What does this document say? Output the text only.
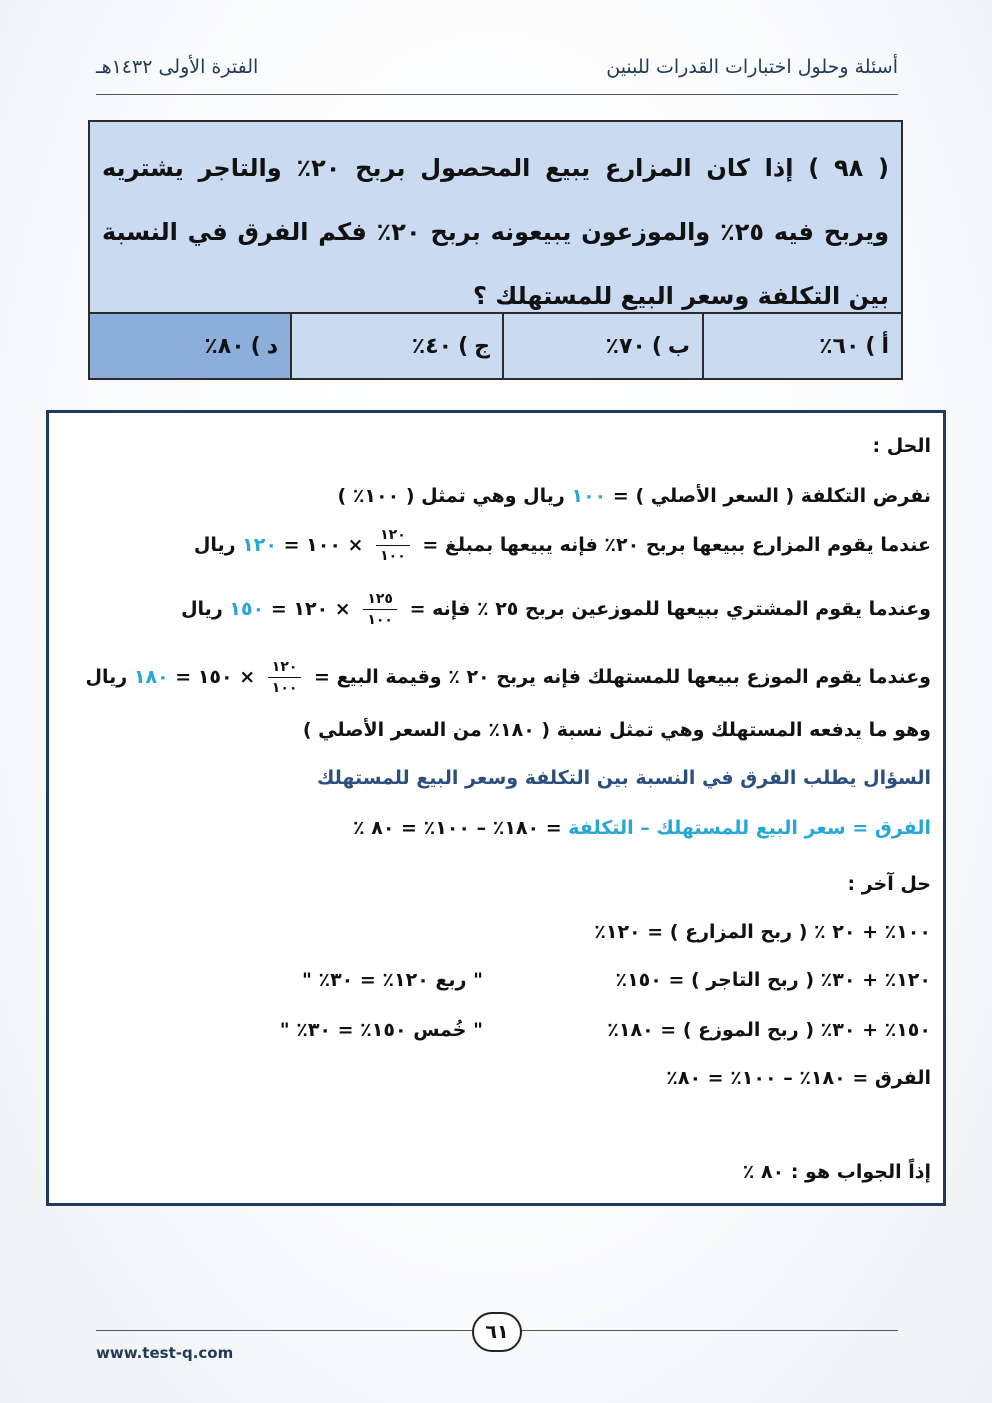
أسئلة وحلول اختبارات القدرات للبنين
الفترة الأولى ١٤٣٢هـ
( ٩٨ ) إذا كان المزارع يبيع المحصول بربح ٢٠٪ والتاجر يشتريه ويربح فيه ٢٥٪ والموزعون يبيعونه بربح ٢٠٪ فكم الفرق في النسبة بين التكلفة وسعر البيع للمستهلك ؟
أ
)
٦٠٪
ب
)
٧٠٪
ج
)
٤٠٪
د
)
٨٠٪
الحل :
نفرض التكلفة ( السعر الأصلي ) = ١٠٠ ريال وهي تمثل ( ١٠٠٪ )
عندما يقوم المزارع ببيعها بربح ٢٠٪ فإنه يبيعها بمبلغ =
$\frac{١٢٠}{١٠٠}$
× ١٠٠ = ١٢٠ ريال
وعندما يقوم المشتري ببيعها للموزعين بربح ٢٥ ٪ فإنه =
$\frac{١٢٥}{١٠٠}$
× ١٢٠ = ١٥٠ ريال
وعندما يقوم الموزع ببيعها للمستهلك فإنه يربح ٢٠ ٪ وقيمة البيع =
$\frac{١٢٠}{١٠٠}$
× ١٥٠ = ١٨٠ ريال
وهو ما يدفعه المستهلك وهي تمثل نسبة ( ١٨٠٪ من السعر الأصلي )
السؤال يطلب الفرق في النسبة بين التكلفة وسعر البيع للمستهلك
الفرق = سعر البيع للمستهلك – التكلفة = ١٨٠٪ – ١٠٠٪ = ٨٠ ٪
حل آخر :
١٠٠٪ + ٢٠ ٪ ( ربح المزارع ) = ١٢٠٪
١٢٠٪ + ٣٠٪ ( ربح التاجر ) = ١٥٠٪
" ربع ١٢٠٪ = ٣٠٪ "
١٥٠٪ + ٣٠٪ ( ربح الموزع ) = ١٨٠٪
" خُمس ١٥٠٪ = ٣٠٪ "
الفرق = ١٨٠٪ – ١٠٠٪ = ٨٠٪
إذاً الجواب هو : ٨٠ ٪
٦١
www.test-q.com
